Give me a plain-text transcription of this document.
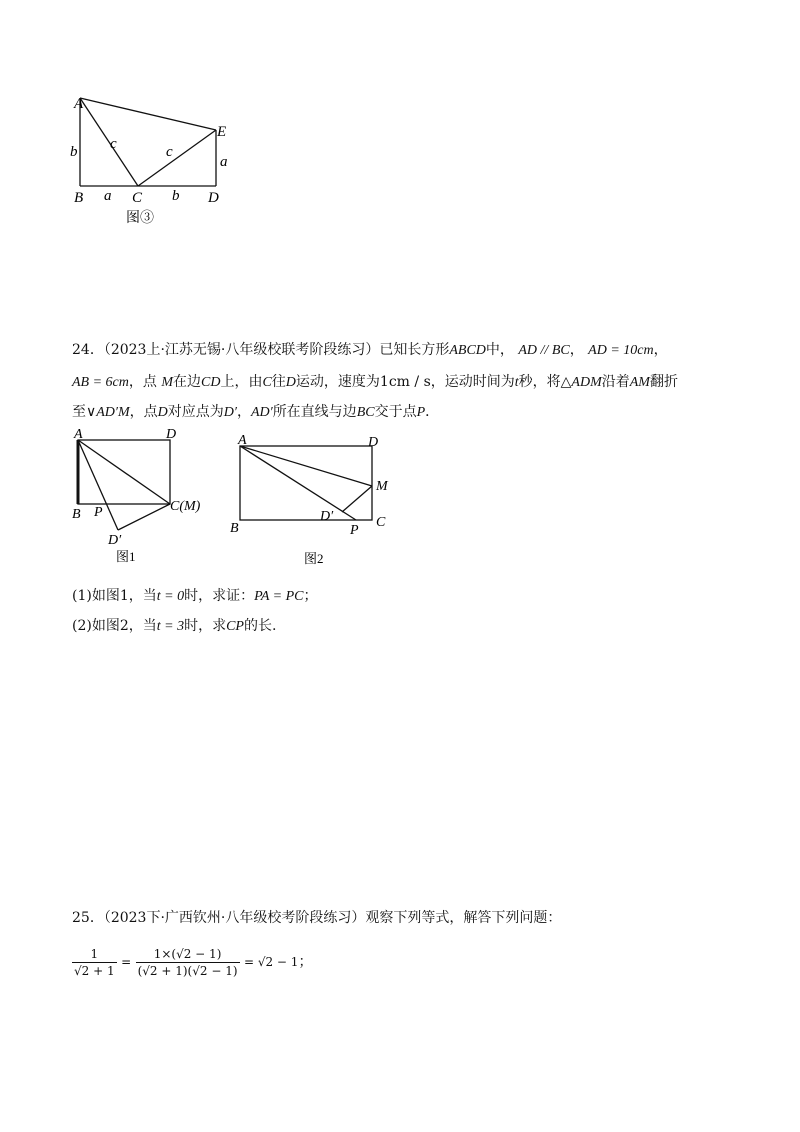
A
E
b
a
c	c
B a C b D
图③
24．（2023上·江苏无锡·八年级校联考阶段练习）已知长方形ABCD中， AD // BC， AD = 10cm，
AB = 6cm，点 M在边CD上，由C往D运动，速度为1cm / s，运动时间为t秒，将△ADM沿着AM翻折
至∨AD′M，点D对应点为D′，AD′所在直线与边BC交于点P．
A	D
B P	C(M)
D′
图1
A	D
M
B
D′
P
C
图2
(1)如图1，当t = 0时，求证：PA = PC；
(2)如图2，当t = 3时，求CP的长.
25．（2023下·广西钦州·八年级校考阶段练习）观察下列等式，解答下列问题：
$\frac{1}{√2 + 1} = \frac{1\times(√2 - 1)}{(√2 + 1)(√2 - 1)} = √2 - 1$；
